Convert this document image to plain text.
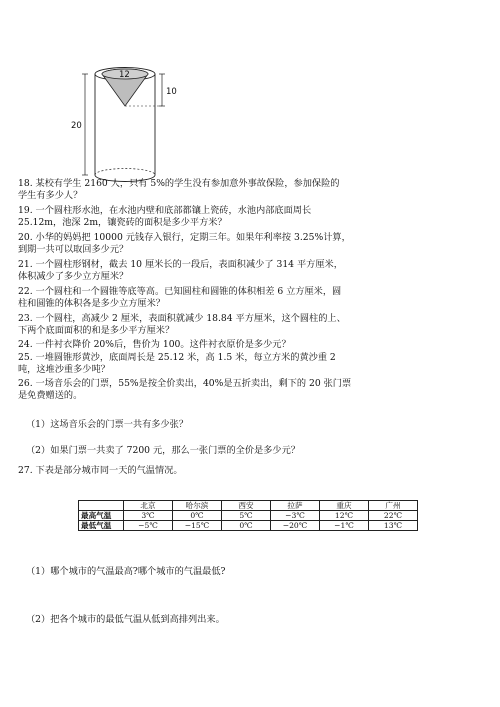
12
20
10
18. 某校有学生 2160 人，只有 5%的学生没有参加意外事故保险，参加保险的
学生有多少人？
19. 一个圆柱形水池，在水池内壁和底部都镶上瓷砖，水池内部底面周长
25.12m，池深 2m，镶瓷砖的面积是多少平方米？
20. 小华的妈妈把 10000 元钱存入银行，定期三年。如果年利率按 3.25%计算，
到期一共可以取回多少元？
21. 一个圆柱形钢材，截去 10 厘米长的一段后，表面积减少了 314 平方厘米，
体积减少了多少立方厘米？
22. 一个圆柱和一个圆锥等底等高。已知圆柱和圆锥的体积相差 6 立方厘米，圆
柱和圆锥的体积各是多少立方厘米？
23. 一个圆柱，高减少 2 厘米，表面积就减少 18.84 平方厘米，这个圆柱的上、
下两个底面面积的和是多少平方厘米？
24. 一件衬衣降价 20%后，售价为 100。这件衬衣原价是多少元？
25. 一堆圆锥形黄沙，底面周长是 25.12 米，高 1.5 米，每立方米的黄沙重 2
吨，这堆沙重多少吨？
26. 一场音乐会的门票，55%是按全价卖出，40%是五折卖出，剩下的 20 张门票
是免费赠送的。
（1）这场音乐会的门票一共有多少张？
（2）如果门票一共卖了 7200 元，那么一张门票的全价是多少元？
27. 下表是部分城市同一天的气温情况。
	北京	哈尔滨	西安	拉萨	重庆	广州
最高气温	3℃	0℃	5℃	−3℃	12℃	22℃
最低气温	−5℃	−15℃	0℃	−20℃	−1℃	13℃
（1）哪个城市的气温最高?哪个城市的气温最低?
（2）把各个城市的最低气温从低到高排列出来。
